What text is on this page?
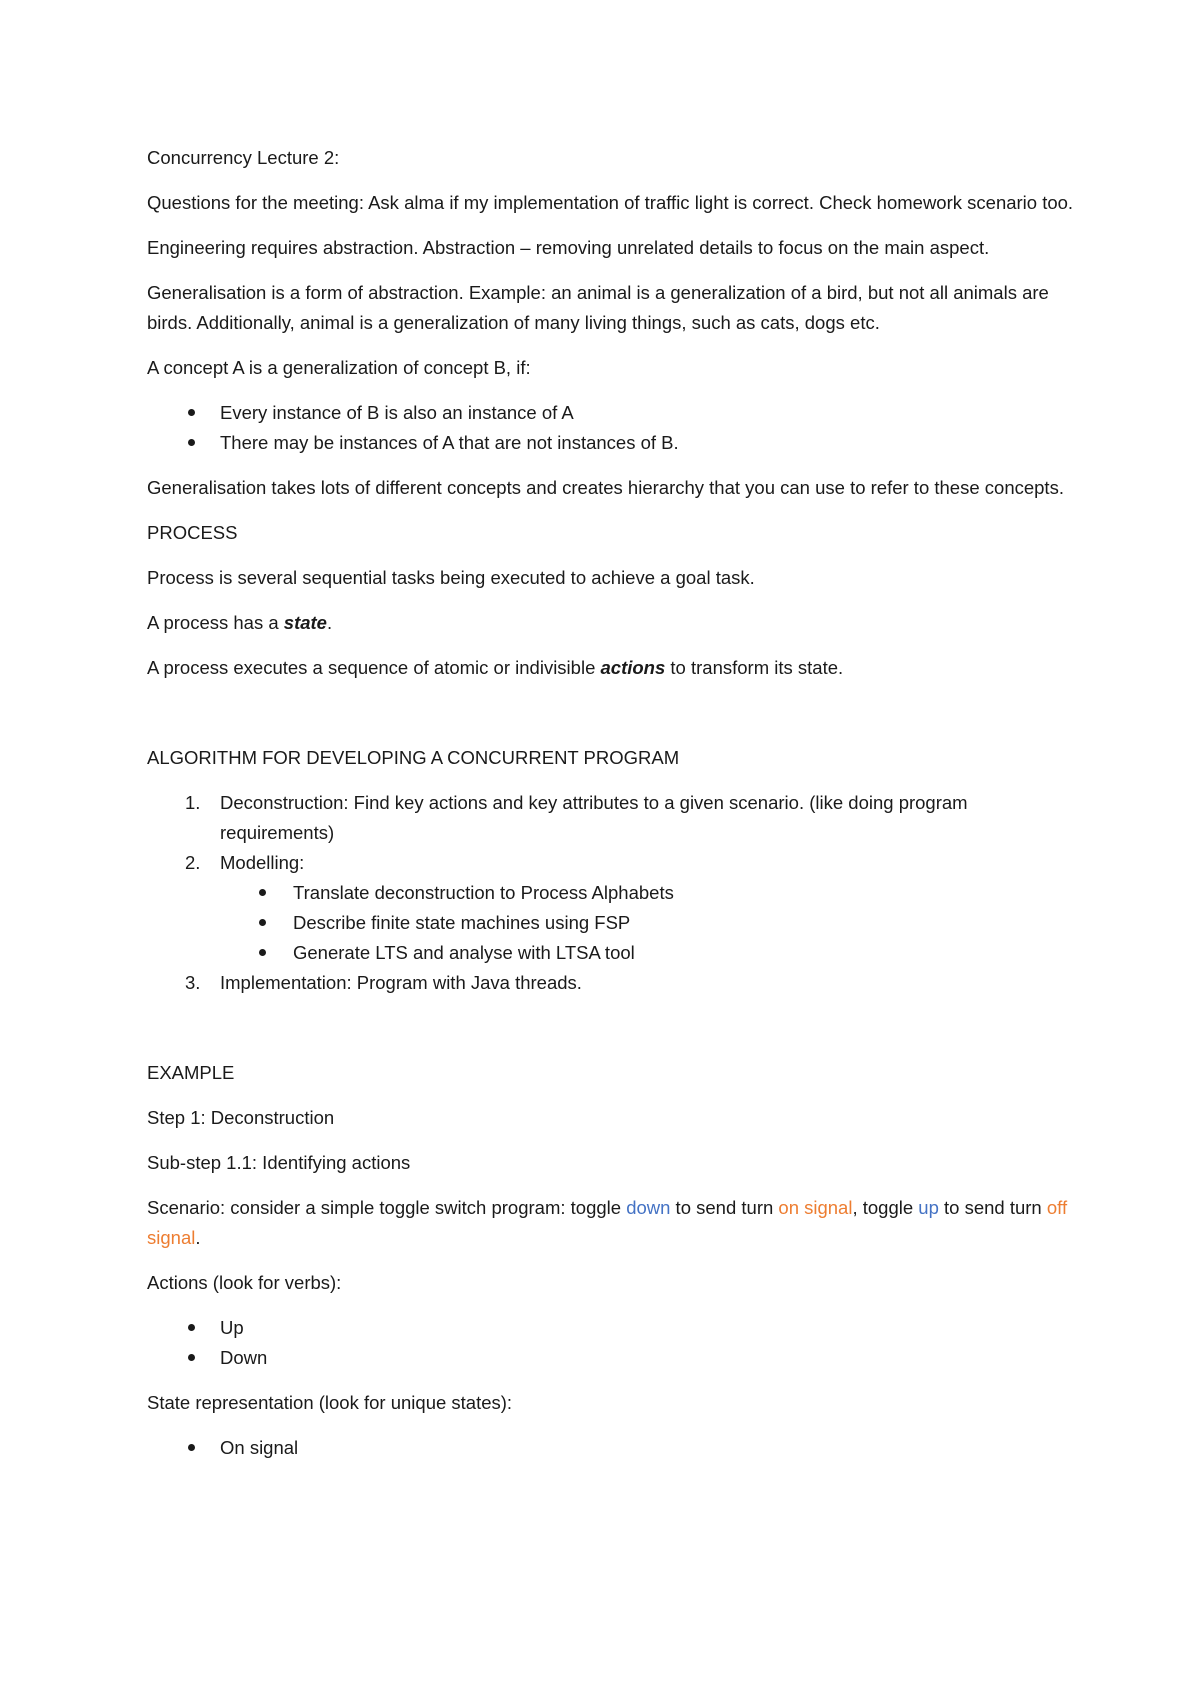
Concurrency Lecture 2:

Questions for the meeting: Ask alma if my implementation of traffic light is correct. Check homework scenario too.

Engineering requires abstraction. Abstraction – removing unrelated details to focus on the main aspect.

Generalisation is a form of abstraction. Example: an animal is a generalization of a bird, but not all animals are birds. Additionally, animal is a generalization of many living things, such as cats, dogs etc.

A concept A is a generalization of concept B, if:

Every instance of B is also an instance of A
There may be instances of A that are not instances of B.

Generalisation takes lots of different concepts and creates hierarchy that you can use to refer to these concepts.

PROCESS

Process is several sequential tasks being executed to achieve a goal task.

A process has a state.

A process executes a sequence of atomic or indivisible actions to transform its state.

ALGORITHM FOR DEVELOPING A CONCURRENT PROGRAM

1. Deconstruction: Find key actions and key attributes to a given scenario. (like doing program requirements)
2. Modelling:
Translate deconstruction to Process Alphabets
Describe finite state machines using FSP
Generate LTS and analyse with LTSA tool
3. Implementation: Program with Java threads.

EXAMPLE

Step 1: Deconstruction

Sub-step 1.1: Identifying actions

Scenario: consider a simple toggle switch program: toggle down to send turn on signal, toggle up to send turn off signal.

Actions (look for verbs):

Up
Down

State representation (look for unique states):

On signal
